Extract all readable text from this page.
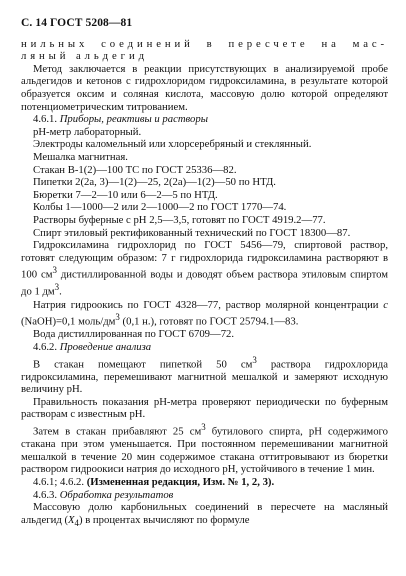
С. 14 ГОСТ 5208—81

нильных соединений в пересчете на мас-

ляный альдегид

Метод заключается в реакции присутствующих в анализируемой пробе альдегидов и кетонов с гидрохлоридом гидроксиламина, в результате которой образуется оксим и соляная кислота, массовую долю которой определяют потенциометрическим титрованием.

4.6.1. Приборы, реактивы и растворы

рН-метр лабораторный.

Электроды каломельный или хлорсеребряный и стеклянный.

Мешалка магнитная.

Стакан В-1(2)—100 ТС по ГОСТ 25336—82.

Пипетки 2(2а, 3)—1(2)—25, 2(2а)—1(2)—50 по НТД.

Бюретки 7—2—10 или 6—2—5 по НТД.

Колбы 1—1000—2 или 2—1000—2 по ГОСТ 1770—74.

Растворы буферные с рН 2,5—3,5, готовят по ГОСТ 4919.2—77.

Спирт этиловый ректификованный технический по ГОСТ 18300—87.

Гидроксиламина гидрохлорид по ГОСТ 5456—79, спиртовой раствор, готовят следующим образом: 7 г гидрохлорида гидроксиламина растворяют в 100 $см^3$ дистиллированной воды и доводят объем раствора этиловым спиртом до 1 $дм^3$.

Натрия гидроокись по ГОСТ 4328—77, раствор молярной концентрации c (NaOH)=0,1 моль/$дм^3$ (0,1 н.), готовят по ГОСТ 25794.1—83.

Вода дистиллированная по ГОСТ 6709—72.

4.6.2. Проведение анализа

В стакан помещают пипеткой 50 $см^3$ раствора гидрохлорида гидроксиламина, перемешивают магнитной мешалкой и замеряют исходную величину рН.

Правильность показания рН-метра проверяют периодически по буферным растворам с известным рН.

Затем в стакан прибавляют 25 $см^3$ бутилового спирта, рН содержимого стакана при этом уменьшается. При постоянном перемешивании магнитной мешалкой в течение 20 мин содержимое стакана оттитровывают из бюретки раствором гидроокиси натрия до исходного рН, устойчивого в течение 1 мин.

4.6.1; 4.6.2. (Измененная редакция, Изм. № 1, 2, 3).

4.6.3. Обработка результатов

Массовую долю карбонильных соединений в пересчете на масляный альдегид $(X_4)$ в процентах вычисляют по формуле
